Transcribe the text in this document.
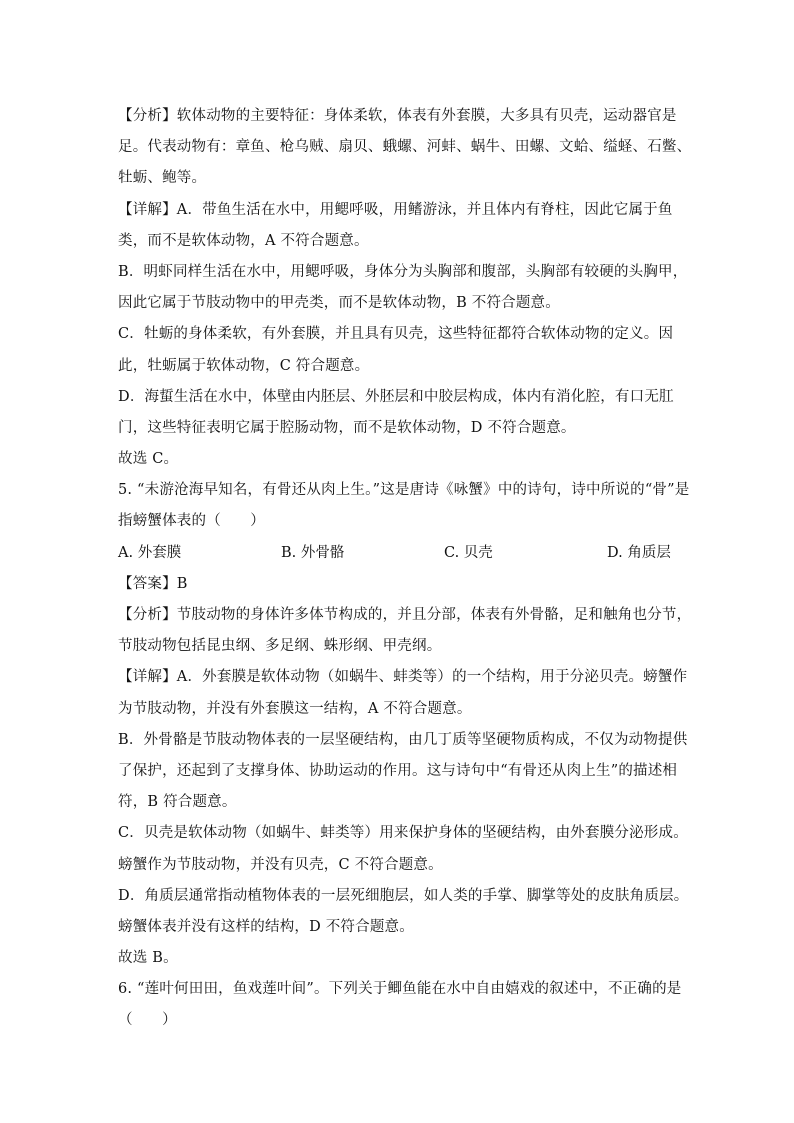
【分析】软体动物的主要特征：身体柔软，体表有外套膜，大多具有贝壳，运动器官是
足。代表动物有：章鱼、枪乌贼、扇贝、蛾螺、河蚌、蜗牛、田螺、文蛤、缢蛏、石鳖、
牡蛎、鲍等。
【详解】A．带鱼生活在水中，用鳃呼吸，用鳍游泳，并且体内有脊柱，因此它属于鱼
类，而不是软体动物，A 不符合题意。
B．明虾同样生活在水中，用鳃呼吸，身体分为头胸部和腹部，头胸部有较硬的头胸甲，
因此它属于节肢动物中的甲壳类，而不是软体动物，B 不符合题意。
C．牡蛎的身体柔软，有外套膜，并且具有贝壳，这些特征都符合软体动物的定义。因
此，牡蛎属于软体动物，C 符合题意。
D．海蜇生活在水中，体壁由内胚层、外胚层和中胶层构成，体内有消化腔，有口无肛
门，这些特征表明它属于腔肠动物，而不是软体动物，D 不符合题意。
故选 C。
5. “未游沧海早知名，有骨还从肉上生。”这是唐诗《咏蟹》中的诗句，诗中所说的“骨”是
指螃蟹体表的（　　）
A. 外套膜	B. 外骨骼	C. 贝壳	D. 角质层
【答案】B
【分析】节肢动物的身体许多体节构成的，并且分部，体表有外骨骼，足和触角也分节，
节肢动物包括昆虫纲、多足纲、蛛形纲、甲壳纲。
【详解】A．外套膜是软体动物（如蜗牛、蚌类等）的一个结构，用于分泌贝壳。螃蟹作
为节肢动物，并没有外套膜这一结构，A 不符合题意。
B．外骨骼是节肢动物体表的一层坚硬结构，由几丁质等坚硬物质构成，不仅为动物提供
了保护，还起到了支撑身体、协助运动的作用。这与诗句中“有骨还从肉上生”的描述相
符，B 符合题意。
C．贝壳是软体动物（如蜗牛、蚌类等）用来保护身体的坚硬结构，由外套膜分泌形成。
螃蟹作为节肢动物，并没有贝壳，C 不符合题意。
D．角质层通常指动植物体表的一层死细胞层，如人类的手掌、脚掌等处的皮肤角质层。
螃蟹体表并没有这样的结构，D 不符合题意。
故选 B。
6. “莲叶何田田，鱼戏莲叶间”。下列关于鲫鱼能在水中自由嬉戏的叙述中，不正确的是
（　　）
